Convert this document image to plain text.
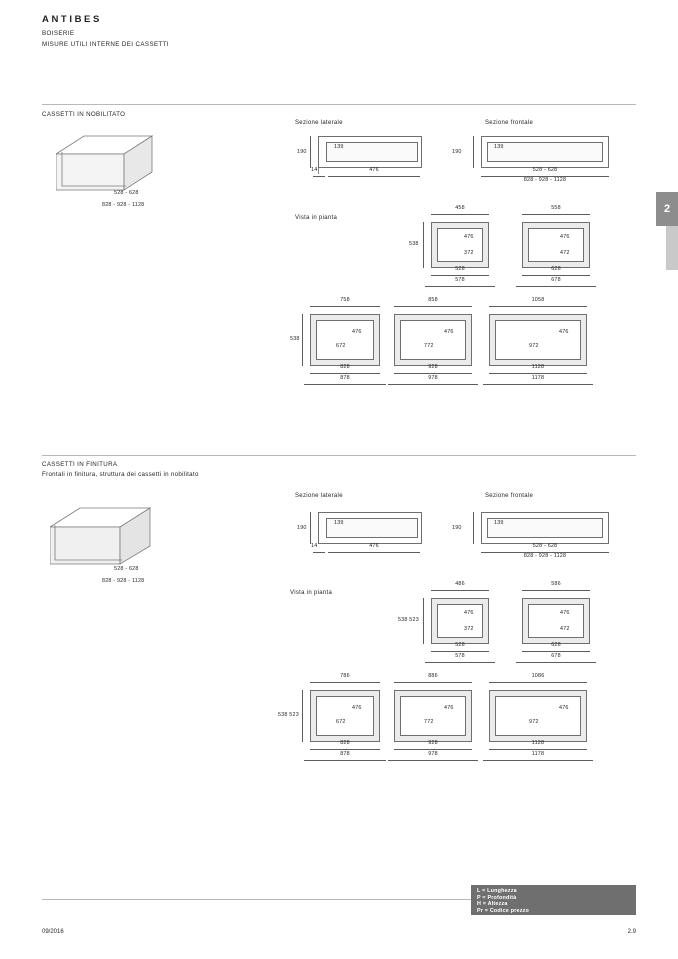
ANTIBES
BOISERIE
MISURE UTILI INTERNE DEI CASSETTI
2
CASSETTI IN NOBILITATO
528 - 628
828 - 928 - 1128
Sezione laterale
190
139
14	476
Sezione frontale
190
139
528 - 628
828 - 928 - 1128
Vista in pianta
458
538
476
372
528
578
558
476
472
628
678
758
538
476
672
828
878
858
476
772
928
978
1058
476
972
1128
1178
CASSETTI IN FINITURA
Frontali in finitura, struttura dei cassetti in nobilitato
528 - 628
828 - 928 - 1128
Sezione laterale
190
139
14	476
Sezione frontale
190
139
528 - 628
828 - 928 - 1128
Vista in pianta
486
538 523
476
372
528
578
586
476
472
628
678
786
538 523
476
672
828
878
886
476
772
928
978
1086
476
972
1128
1178
L = Lunghezza
P = Profondità
H = Altezza
Pr = Codice prezzo
09/2016	2.9
